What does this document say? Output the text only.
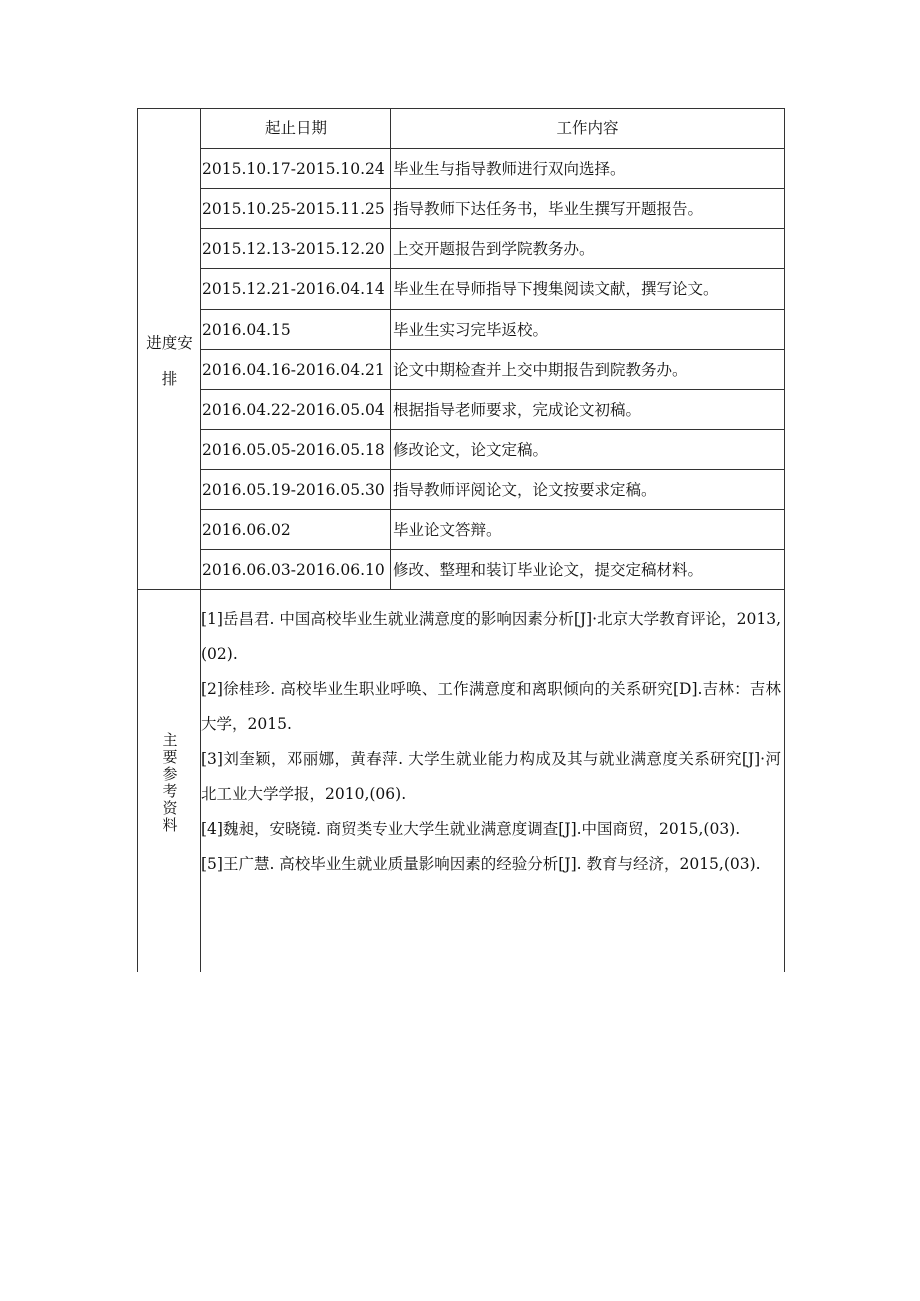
进度安
排
起止日期	工作内容
2015.10.17-2015.10.24 毕业生与指导教师进行双向选择。
2015.10.25-2015.11.25 指导教师下达任务书，毕业生撰写开题报告。
2015.12.13-2015.12.20 上交开题报告到学院教务办。
2015.12.21-2016.04.14 毕业生在导师指导下搜集阅读文献，撰写论文。
2016.04.15	毕业生实习完毕返校。
2016.04.16-2016.04.21 论文中期检查并上交中期报告到院教务办。
2016.04.22-2016.05.04 根据指导老师要求，完成论文初稿。
2016.05.05-2016.05.18 修改论文，论文定稿。
2016.05.19-2016.05.30 指导教师评阅论文，论文按要求定稿。
2016.06.02	毕业论文答辩。
2016.06.03-2016.06.10 修改、整理和装订毕业论文，提交定稿材料。
主要参考资料
[1]岳昌君. 中国高校毕业生就业满意度的影响因素分析[J]·北京大学教育评论，2013,(02).
[2]徐桂珍. 高校毕业生职业呼唤、工作满意度和离职倾向的关系研究[D].吉林：吉林大学，2015.
[3]刘奎颖，邓丽娜，黄春萍. 大学生就业能力构成及其与就业满意度关系研究[J]·河北工业大学学报，2010,(06).
[4]魏昶，安晓镜. 商贸类专业大学生就业满意度调查[J].中国商贸，2015,(03).
[5]王广慧. 高校毕业生就业质量影响因素的经验分析[J]. 教育与经济，2015,(03).
